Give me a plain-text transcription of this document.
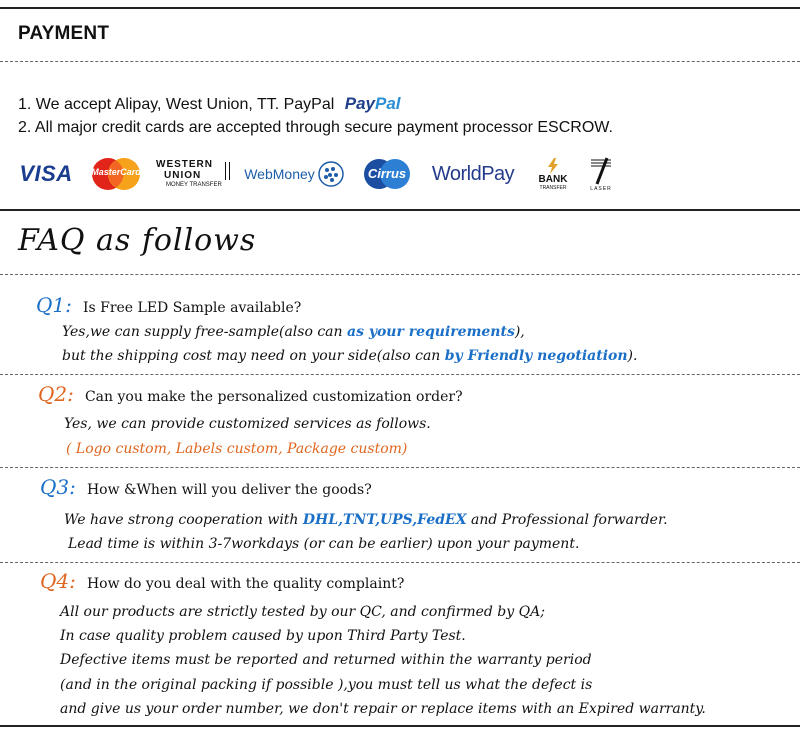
PAYMENT
1. We accept Alipay, West Union, TT. PayPal PayPal
2. All major credit cards are accepted through secure payment processor ESCROW.
VISA	MasterCard
WESTERN
UNION
MONEY TRANSFER
WebMoney	Cirrus	WorldPay BANK
TRANSFER	LASER
FAQ as follows
Q1: Is Free LED Sample available?
Yes,we can supply free-sample(also can as your requirements),
but the shipping cost may need on your side(also can by Friendly negotiation).
Q2: Can you make the personalized customization order?
Yes, we can provide customized services as follows.
( Logo custom, Labels custom, Package custom)
Q3: How &When will you deliver the goods?
We have strong cooperation with DHL,TNT,UPS,FedEX and Professional forwarder.
Lead time is within 3-7workdays (or can be earlier) upon your payment.
Q4: How do you deal with the quality complaint?
All our products are strictly tested by our QC, and confirmed by QA;
In case quality problem caused by upon Third Party Test.
Defective items must be reported and returned within the warranty period
(and in the original packing if possible ),you must tell us what the defect is
and give us your order number, we don't repair or replace items with an Expired warranty.
